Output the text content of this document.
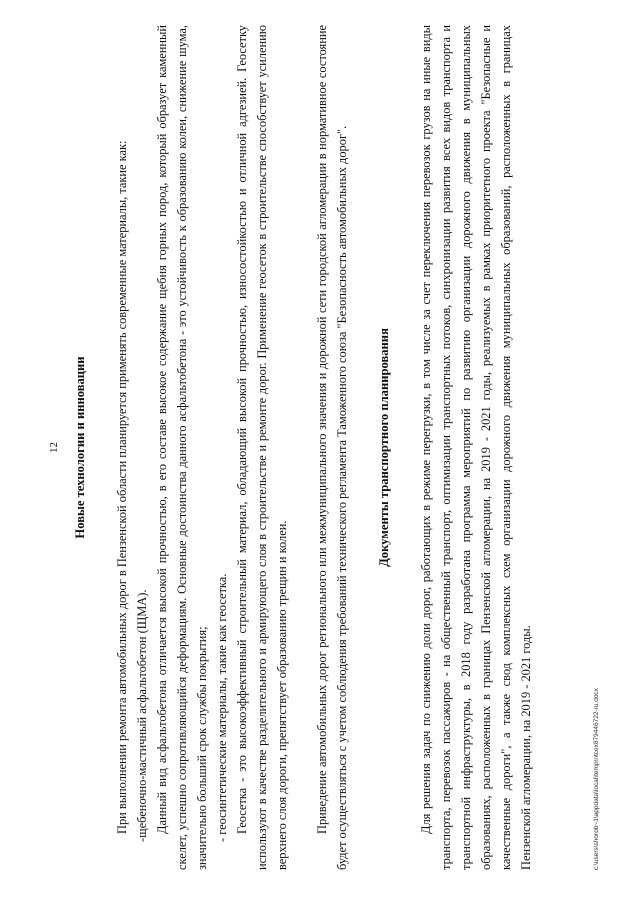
12 Новые технологии и инновации При выполнении ремонта автомобильных дорог в Пензенской области планируется применять современные материалы, такие как: -щебеночно-мастичный асфальтобетон (ЩМА). Данный вид асфальтобетона отличается высокой прочностью, в его составе высокое содержание щебня горных пород, который образует каменный скелет, успешно сопротивляющийся деформациям. Основные достоинства данного асфальтобетона - это устойчивость к образованию колеи, снижение шума, значительно больший срок службы покрытия; - геосинтетические материалы, такие как геосетка. Геосетка - это высокоэффективный строительный материал, обладающий высокой прочностью, износостойкостью и отличной адгезией. Геосетку используют в качестве разделительного и армирующего слоя в строительстве и ремонте дорог. Применение геосеток в строительстве способствует усилению верхнего слоя дороги, препятствует образованию трещин и колеи. Приведение автомобильных дорог регионального или межмуниципального значения и дорожной сети городской агломерации в нормативное состояние будет осуществляться с учетом соблюдения требований технического регламента Таможенного союза "Безопасность автомобильных дорог". Документы транспортного планирования Для решения задач по снижению доли дорог, работающих в режиме перегрузки, в том числе за счет переключения перевозок грузов на иные виды транспорта, перевозок пассажиров - на общественный транспорт, оптимизации транспортных потоков, синхронизации развития всех видов транспорта и транспортной инфраструктуры, в 2018 году разработана программа мероприятий по развитию организации дорожного движения в муниципальных образованиях, расположенных в границах Пензенской агломерации, на 2019 - 2021 годы, реализуемых в рамках приоритетного проекта "Безопасные и качественные дороги", а также свод комплексных схем организации дорожного движения муниципальных образований, расположенных в границах Пензенской агломерации, на 2019 - 2021 годы.	c:\users\shorob~1\appdata\local\temp\ntcex879446722-ru.docx
